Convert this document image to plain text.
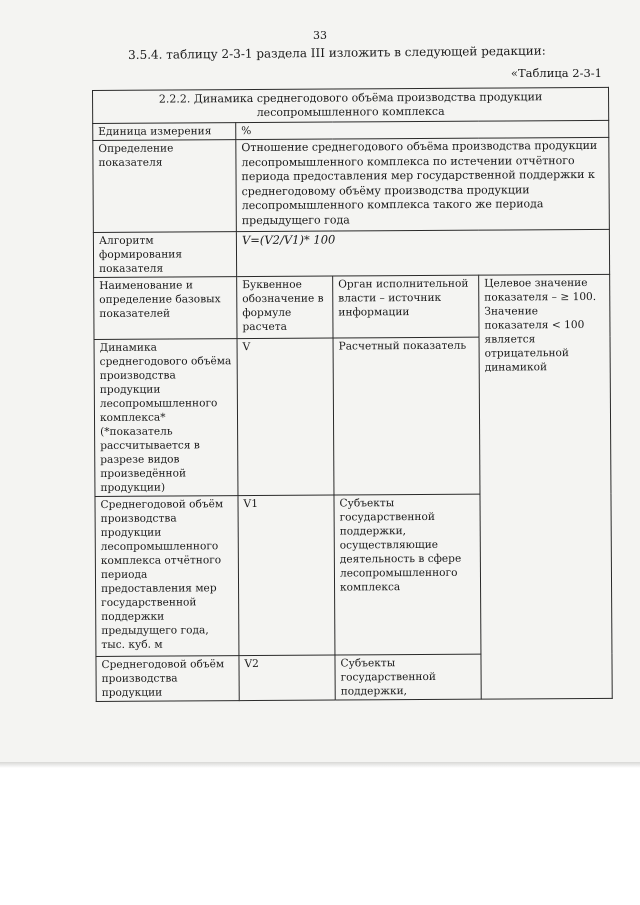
33
3.5.4. таблицу 2-3-1 раздела III изложить в следующей редакции:
«Таблица 2-3-1
2.2.2. Динамика среднегодового объёма производства продукции лесопромышленного комплекса			
Единица измерения	%		
Определение показателя	Отношение среднегодового объёма производства продукции лесопромышленного комплекса по истечении отчётного периода предоставления мер государственной поддержки к среднегодовому объёму производства продукции лесопромышленного комплекса такого же периода предыдущего года		
Алгоритм формирования показателя	V=(V2/V1)* 100		
Наименование и определение базовых показателей	Буквенное обозначение в формуле расчета	Орган исполнительной власти – источник информации	Целевое значение показателя – ≥ 100. Значение показателя < 100 является отрицательной динамикой
Динамика среднегодового объёма производства продукции лесопромышленного комплекса* (*показатель рассчитывается в разрезе видов произведённой продукции)	V	Расчетный показатель	
Среднегодовой объём производства продукции лесопромышленного комплекса отчётного периода предоставления мер государственной поддержки предыдущего года, тыс. куб. м	V1	Субъекты государственной поддержки, осуществляющие деятельность в сфере лесопромышленного комплекса	
Среднегодовой объём производства продукции	V2	Субъекты государственной поддержки,	
